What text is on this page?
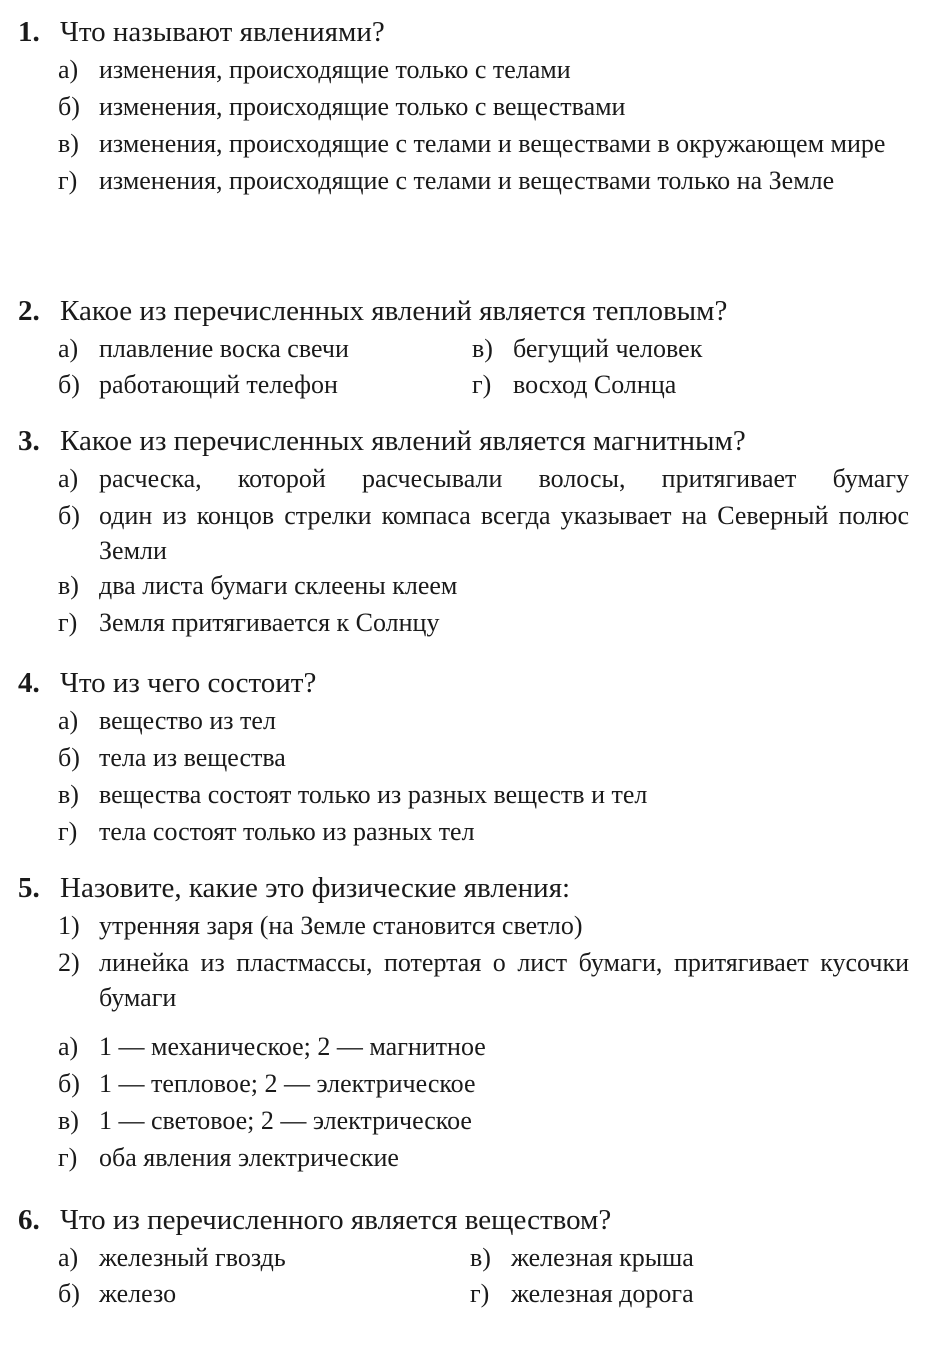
1. Что называют явлениями?
а) изменения, происходящие только с телами
б) изменения, происходящие только с веществами
в) изменения, происходящие с телами и веществами в окружающем мире
г) изменения, происходящие с телами и веществами только на Земле
2. Какое из перечисленных явлений является тепловым?
а) плавление воска свечи
б) работающий телефон
в) бегущий человек
г) восход Солнца
3. Какое из перечисленных явлений является магнитным?
а) расческа, которой расчесывали волосы, притягивает бумагу
б) один из концов стрелки компаса всегда указывает на Северный полюс Земли
в) два листа бумаги склеены клеем
г) Земля притягивается к Солнцу
4. Что из чего состоит?
а) вещество из тел
б) тела из вещества
в) вещества состоят только из разных веществ и тел
г) тела состоят только из разных тел
5. Назовите, какие это физические явления:
1) утренняя заря (на Земле становится светло)
2) линейка из пластмассы, потертая о лист бумаги, притягивает кусочки бумаги
а) 1 — механическое; 2 — магнитное
б) 1 — тепловое; 2 — электрическое
в) 1 — световое; 2 — электрическое
г) оба явления электрические
6. Что из перечисленного является веществом?
а) железный гвоздь
б) железо
в) железная крыша
г) железная дорога
